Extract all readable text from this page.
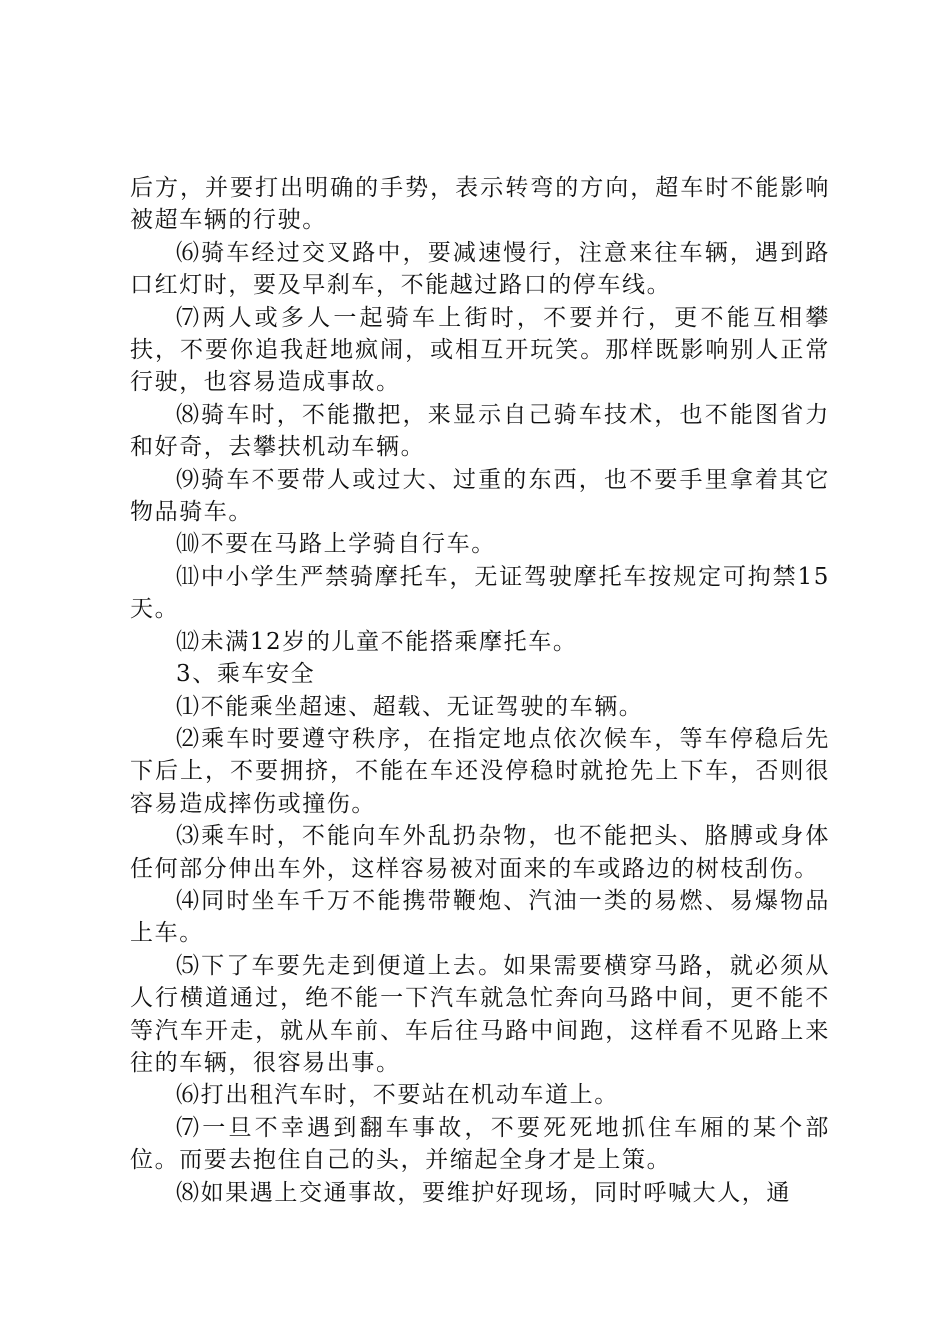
后方，并要打出明确的手势，表示转弯的方向，超车时不能影响被超车辆的行驶。

⑹骑车经过交叉路中，要减速慢行，注意来往车辆，遇到路口红灯时，要及早刹车，不能越过路口的停车线。

⑺两人或多人一起骑车上街时，不要并行，更不能互相攀扶，不要你追我赶地疯闹，或相互开玩笑。那样既影响别人正常行驶，也容易造成事故。

⑻骑车时，不能撒把，来显示自己骑车技术，也不能图省力和好奇，去攀扶机动车辆。

⑼骑车不要带人或过大、过重的东西，也不要手里拿着其它物品骑车。

⑽不要在马路上学骑自行车。

⑾中小学生严禁骑摩托车，无证驾驶摩托车按规定可拘禁15天。

⑿未满12岁的儿童不能搭乘摩托车。

3、乘车安全

⑴不能乘坐超速、超载、无证驾驶的车辆。

⑵乘车时要遵守秩序，在指定地点依次候车，等车停稳后先下后上，不要拥挤，不能在车还没停稳时就抢先上下车，否则很容易造成摔伤或撞伤。

⑶乘车时，不能向车外乱扔杂物，也不能把头、胳膊或身体任何部分伸出车外，这样容易被对面来的车或路边的树枝刮伤。

⑷同时坐车千万不能携带鞭炮、汽油一类的易燃、易爆物品上车。

⑸下了车要先走到便道上去。如果需要横穿马路，就必须从人行横道通过，绝不能一下汽车就急忙奔向马路中间，更不能不等汽车开走，就从车前、车后往马路中间跑，这样看不见路上来往的车辆，很容易出事。

⑹打出租汽车时，不要站在机动车道上。

⑺一旦不幸遇到翻车事故，不要死死地抓住车厢的某个部位。而要去抱住自己的头，并缩起全身才是上策。

⑻如果遇上交通事故，要维护好现场，同时呼喊大人，通
